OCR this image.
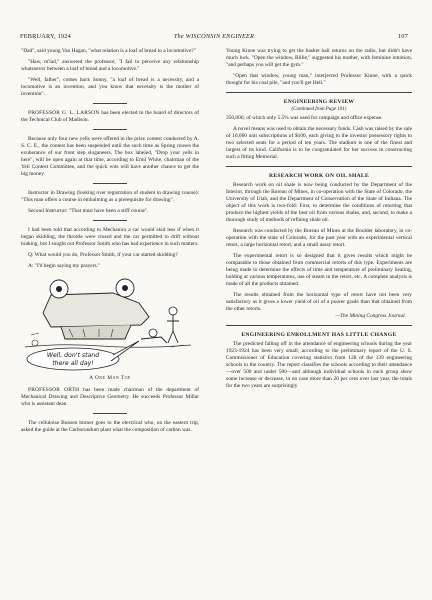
FEBRUARY, 1924	The WISCONSIN ENGINEER	107

"Dad", said young Van Hagan, "what relation is a loaf of bread to a locomotive?"

"Haw, m'lad," answered the professor, "I fail to perceive any relationship whatsoever between a loaf of bread and a locomotive."

"Well, father", comes back Sonny, "a loaf of bread is a necessity, and a locomotive is an invention, and you know that necessity is the mother of invention".

PROFESSOR G. L. LARSON has been elected to the board of directors of the Technical Club of Madison.

Because only four new yells were offered in the prize contest conducted by A. S. C. E., the contest has been suspended until the such time as Spring rouses the exuberance of our front step sloganeers. The box labeled, "Drop your yells in here", will be open again at that time, according to Emil White, chairman of the Yell Contest Committee, and the quick wits will have another chance to get the big money.

Instructor in Drawing (looking over registration of student in drawing course): "This man offers a course in embalming as a prerequisite for drawing".

Second Instructor: "That must have been a stiff course".

I had been told that according to Mechanics a car would skid less if when it began skidding, the throttle were closed and the car permitted to drift without braking, but I sought out Professor Smith who has had experience in such matters.

Q: What would you do, Professor Smith, if your car started skidding?

A: "I'd begin saying my prayers."

Well, don't stand
there all day!
A One Man Top

PROFESSOR ORTH has been made chairman of the department of Mechanical Drawing and Descriptive Geometry. He succeeds Professor Millar who is assistant dean.

The celluloise Bunsen burner goes to the electrical who, on the eastern trip, asked the guide at the Carborundum plant what the composition of carbon was.

Young Kinne was trying to get the basket ball returns on the radio, but didn't have much luck. "Open the window, Billie," suggested his mother, with feminine intuition, "and perhaps you will get the gym."

"Open that window, young man," interjected Professor Kinne, with a quick thought for his coal pile, "and you'll get Hell."

ENGINEERING REVIEW
(Continued from Page 101)

350,000, of which only 5.5% was used for campaign and office expense.

A novel means was used to obtain the necessary funds. Cash was raised by the sale of 10,000 unit subscriptions of $100, each giving to the investor possessory rights to two selected seats for a period of ten years. The stadium is one of the finest and largest of its kind. California is to be congratulated for her success in constructing such a fitting Memorial.

RESEARCH WORK ON OIL SHALE

Research work on oil shale is now being conducted by the Department of the Interior, through the Bureau of Mines, in co-operation with the State of Colorado, the University of Utah, and the Department of Conservation of the State of Indiana. The object of this work is two-fold: First, to determine the conditions of retorting that produce the highest yields of the best oil from various shales, and, second, to make a thorough study of methods of refining shale oil.

Research was conducted by the Bureau of Mines at the Boulder laboratory, in co-operation with the state of Colorado, for the past year with an experimental vertical retort, a large horizontal retort, and a small assay retort.

The experimental retort is so designed that it gives results which might be comparable to those obtained from commercial retorts of this type. Experiments are being made to determine the effects of time and temperature of preliminary heating, holding at various temperatures, use of steam in the retort, etc. A complete analysis is made of all the products obtained.

The results obtained from the horizontal type of retort have not been very satisfactory as it gives a lower yield of oil of a poorer grade than that obtained from the other retorts.

—The Mining Congress Journal.
ENGINEERING ENROLLMENT HAS LITTLE CHANGE

The predicted falling off in the attendance of engineering schools during the year 1923-1924 has been very small, according to the preliminary report of the U. S. Commissioner of Education covering statistics from 128 of the 139 engineering schools in the country. The report classifies the schools according to their attendance—over 500 and under 500—and although individual schools in each group show some increase or decrease, in no case more than 20 per cent over last year, the totals for the two years are surprisingly
